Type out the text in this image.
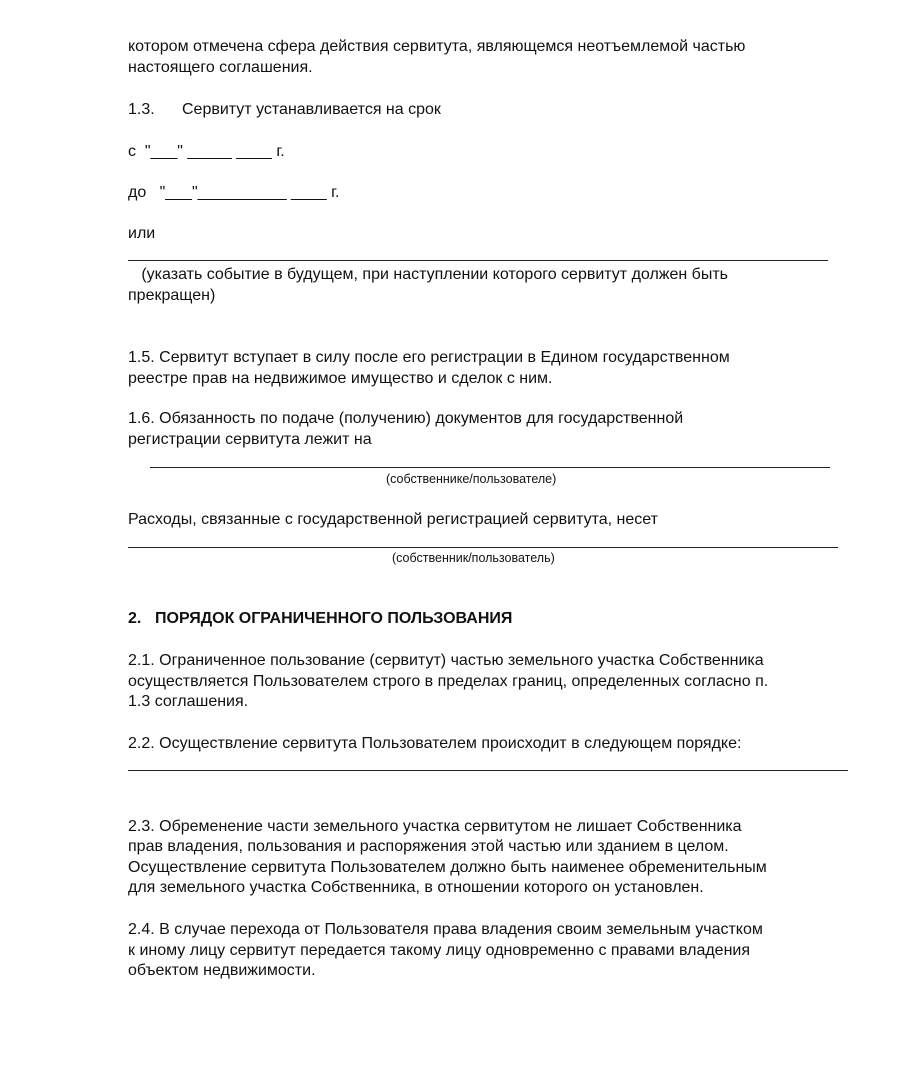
котором отмечена сфера действия сервитута, являющемся неотъемлемой частью

настоящего соглашения.

1.3. Сервитут устанавливается на срок

с  "___" _____ ____ г.

до   "___"__________ ____ г.

или

(указать событие в будущем, при наступлении которого сервитут должен быть

прекращен)

1.5. Сервитут вступает в силу после его регистрации в Едином государственном

реестре прав на недвижимое имущество и сделок с ним.

1.6. Обязанность по подаче (получению) документов для государственной

регистрации сервитута лежит на

(собственнике/пользователе)

Расходы, связанные с государственной регистрацией сервитута, несет

(собственник/пользователь)

2. ПОРЯДОК ОГРАНИЧЕННОГО ПОЛЬЗОВАНИЯ

2.1. Ограниченное пользование (сервитут) частью земельного участка Собственника

осуществляется Пользователем строго в пределах границ, определенных согласно п.

1.3 соглашения.

2.2. Осуществление сервитута Пользователем происходит в следующем порядке:

2.3. Обременение части земельного участка сервитутом не лишает Собственника

прав владения, пользования и распоряжения этой частью или зданием в целом.

Осуществление сервитута Пользователем должно быть наименее обременительным

для земельного участка Собственника, в отношении которого он установлен.

2.4. В случае перехода от Пользователя права владения своим земельным участком

к иному лицу сервитут передается такому лицу одновременно с правами владения

объектом недвижимости.
